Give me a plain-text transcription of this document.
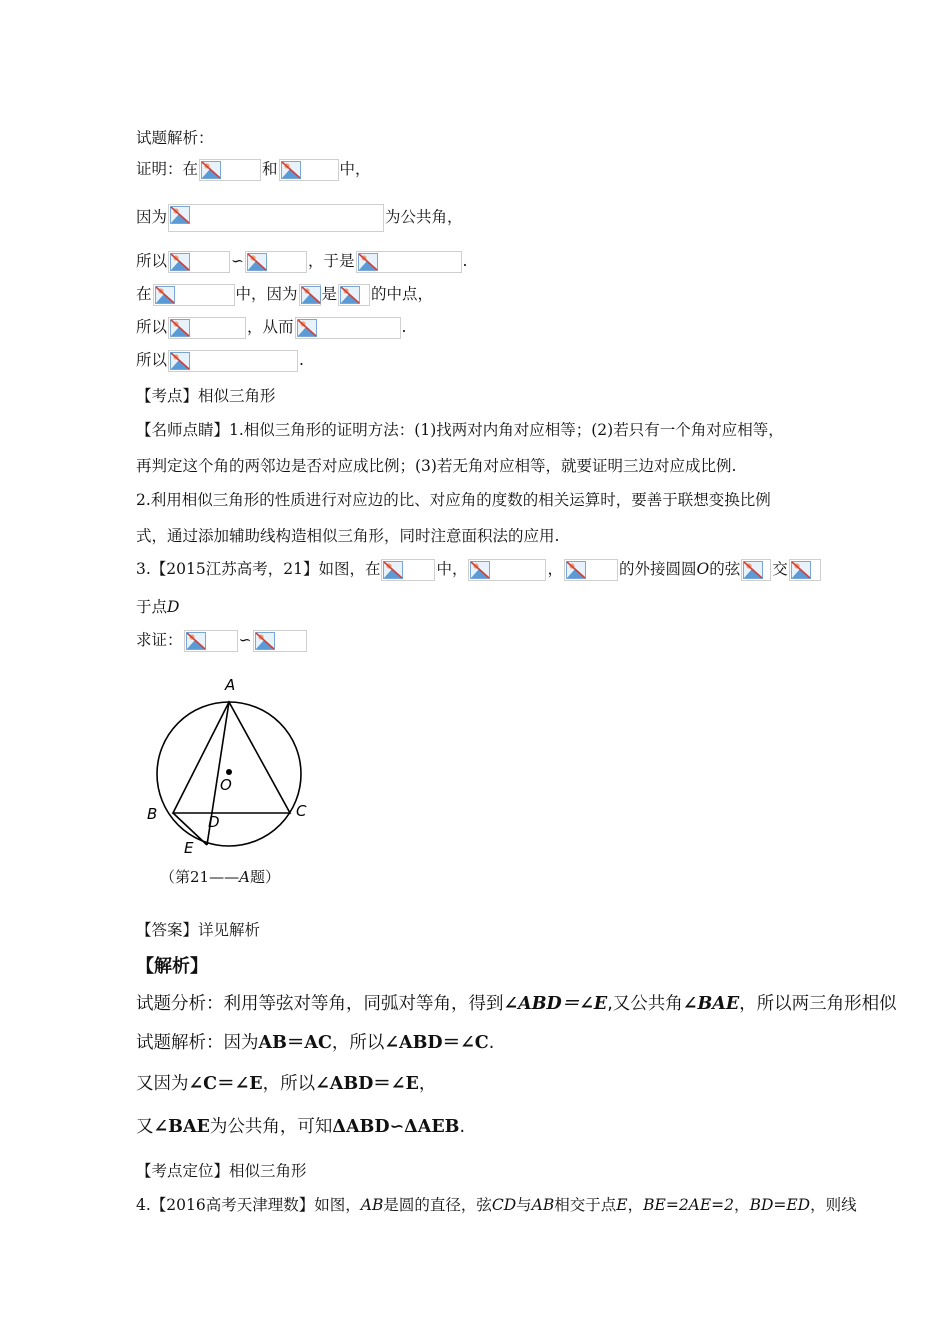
试题解析：
证明：在	和	中，
因为	为公共角，
所以	∽	，于是	.
在	中，因为 是 的中点，
所以	，从而	.
所以	.
【考点】相似三角形
【名师点睛】1.相似三角形的证明方法：(1)找两对内角对应相等；(2)若只有一个角对应相等，
再判定这个角的两邻边是否对应成比例；(3)若无角对应相等，就要证明三边对应成比例.
2.利用相似三角形的性质进行对应边的比、对应角的度数的相关运算时，要善于联想变换比例
式，通过添加辅助线构造相似三角形，同时注意面积法的应用.
3.【2015江苏高考，21】如图，在	中，	，	的外接圆圆O的弦 交
于点D
求证：	∽
A
O
B	C
D
E
（第21——A题）
【答案】详见解析
【解析】
试题分析：利用等弦对等角，同弧对等角，得到∠ABD＝∠E,又公共角∠BAE，所以两三角形相似
试题解析：因为AB＝AC，所以∠ABD＝∠C.
又因为∠C＝∠E，所以∠ABD＝∠E，
又∠BAE为公共角，可知ΔABD∽ΔAEB.
【考点定位】相似三角形
4.【2016高考天津理数】如图，AB是圆的直径，弦CD与AB相交于点E，BE=2AE=2，BD=ED，则线
